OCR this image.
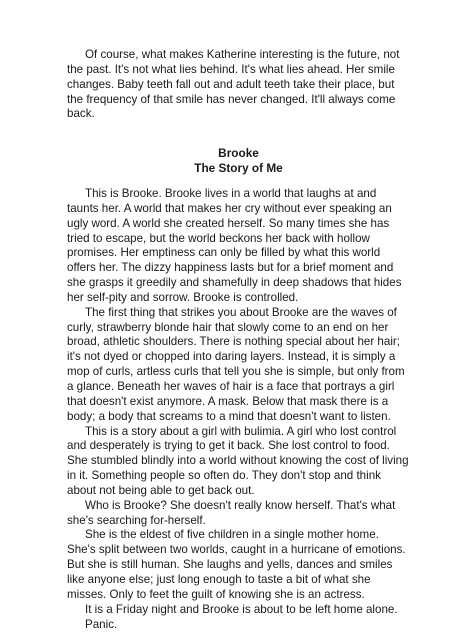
Of course, what makes Katherine interesting is the future, not the past. It's not what lies behind. It's what lies ahead. Her smile changes. Baby teeth fall out and adult teeth take their place, but the frequency of that smile has never changed. It'll always come back.

Brooke

The Story of Me

This is Brooke. Brooke lives in a world that laughs at and taunts her. A world that makes her cry without ever speaking an ugly word. A world she created herself. So many times she has tried to escape, but the world beckons her back with hollow promises. Her emptiness can only be filled by what this world offers her. The dizzy happiness lasts but for a brief moment and she grasps it greedily and shamefully in deep shadows that hides her self-pity and sorrow. Brooke is controlled.

The first thing that strikes you about Brooke are the waves of curly, strawberry blonde hair that slowly come to an end on her broad, athletic shoulders. There is nothing special about her hair; it's not dyed or chopped into daring layers. Instead, it is simply a mop of curls, artless curls that tell you she is simple, but only from a glance. Beneath her waves of hair is a face that portrays a girl that doesn't exist anymore. A mask. Below that mask there is a body; a body that screams to a mind that doesn't want to listen.

This is a story about a girl with bulimia. A girl who lost control and desperately is trying to get it back. She lost control to food. She stumbled blindly into a world without knowing the cost of living in it. Something people so often do. They don't stop and think about not being able to get back out.

Who is Brooke? She doesn't really know herself. That's what she's searching for-herself.

She is the eldest of five children in a single mother home. She's split between two worlds, caught in a hurricane of emotions. But she is still human. She laughs and yells, dances and smiles like anyone else; just long enough to taste a bit of what she misses. Only to feet the guilt of knowing she is an actress.

It is a Friday night and Brooke is about to be left home alone.

Panic.
